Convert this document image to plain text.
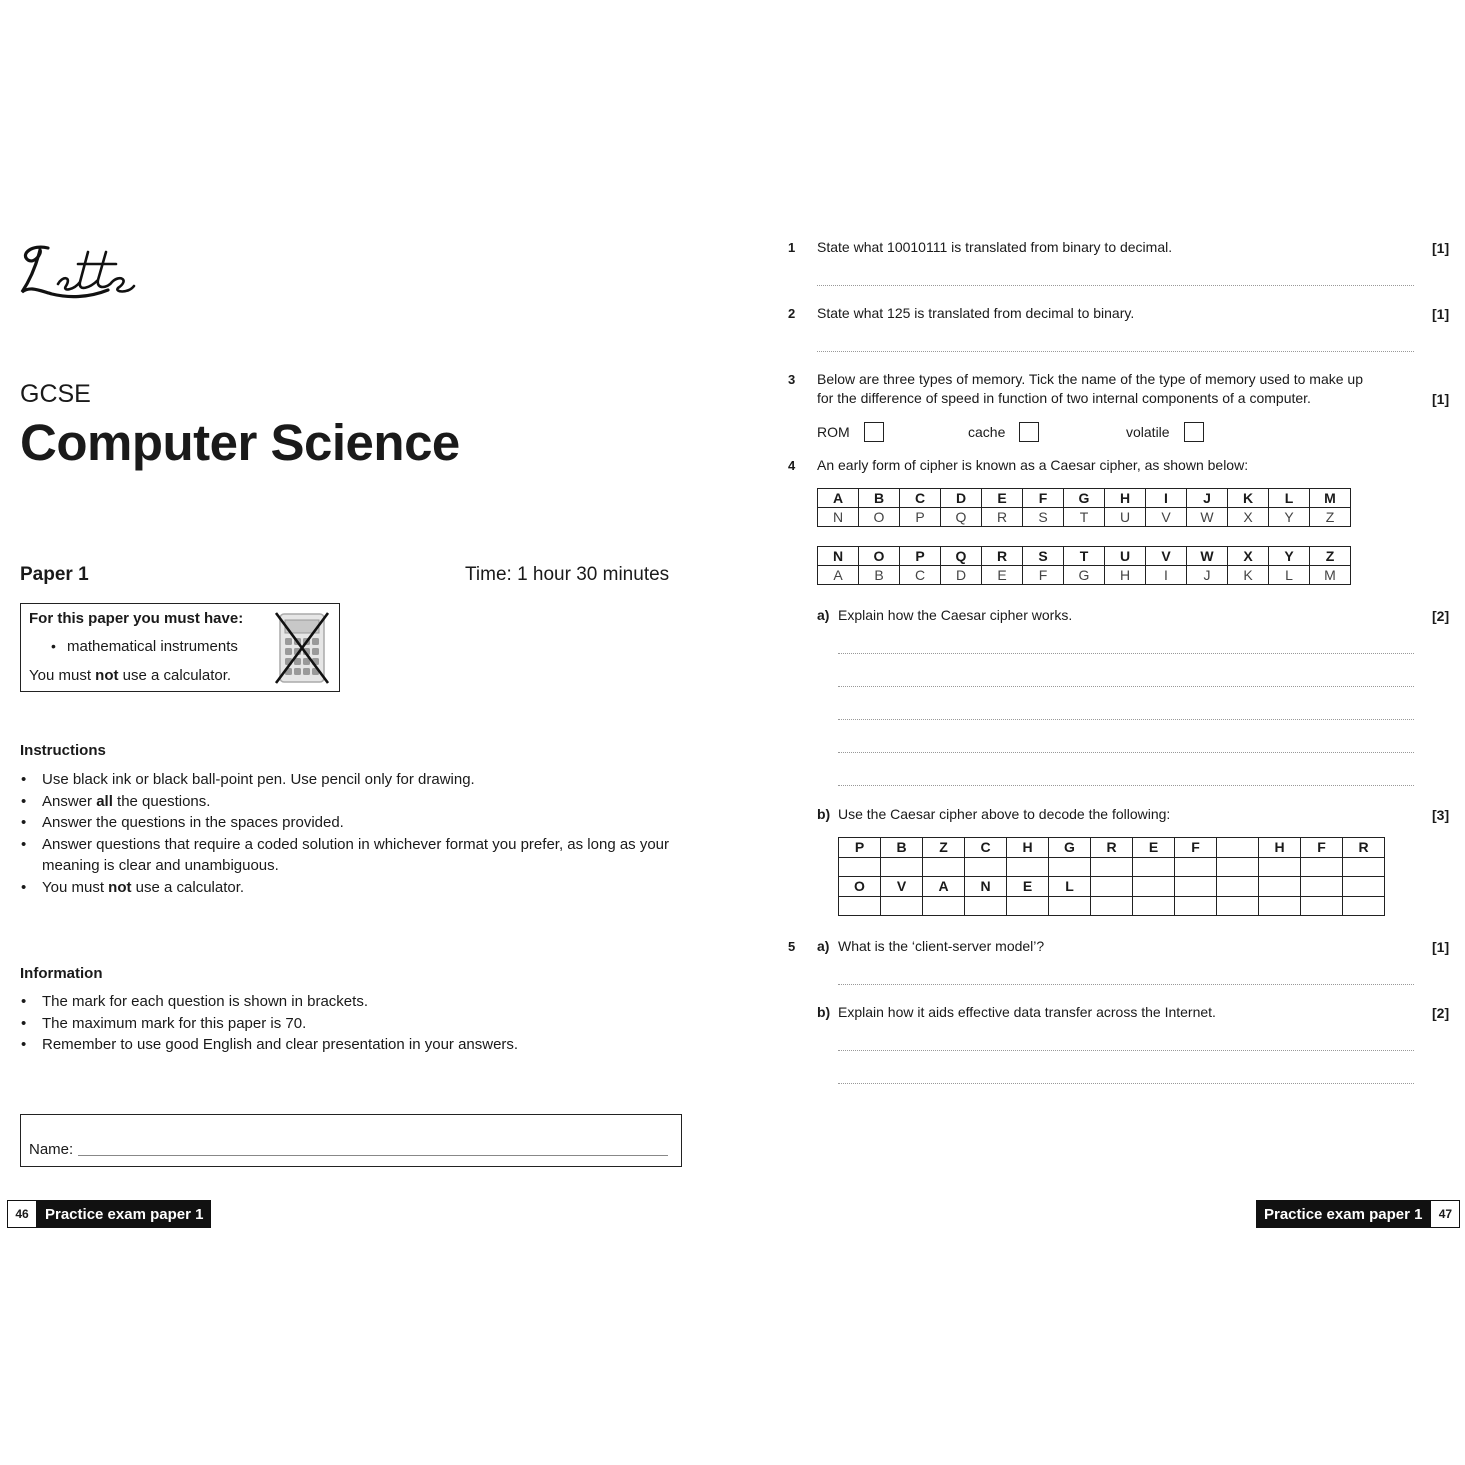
GCSE
Computer Science
Paper 1	Time: 1 hour 30 minutes
For this paper you must have:
• mathematical instruments
You must not use a calculator.
Instructions
• Use black ink or black ball-point pen. Use pencil only for drawing.
• Answer all the questions.
• Answer the questions in the spaces provided.
• Answer questions that require a coded solution in whichever format you prefer, as long as your meaning is clear and unambiguous.
• You must not use a calculator.
Information
• The mark for each question is shown in brackets.
• The maximum mark for this paper is 70.
• Remember to use good English and clear presentation in your answers.
Name:
46	Practice exam paper 1
1 State what 10010111 is translated from binary to decimal.	[1]
2 State what 125 is translated from decimal to binary.	[1]
3 Below are three types of memory. Tick the name of the type of memory used to make up
for the difference of speed in function of two internal components of a computer.	[1]
ROM	cache	volatile
4 An early form of cipher is known as a Caesar cipher, as shown below:
A	B	C	D	E	F	G	H	I	J	K	L	M
N	O	P	Q	R	S	T	U	V	W	X	Y	Z
N	O	P	Q	R	S	T	U	V	W	X	Y	Z
A	B	C	D	E	F	G	H	I	J	K	L	M
a) Explain how the Caesar cipher works.	[2]
b) Use the Caesar cipher above to decode the following:	[3]
P	B	Z	C	H	G	R	E	F		H	F	R

O	V	A	N	E	L							

5 a) What is the ‘client-server model’?	[1]
b) Explain how it aids effective data transfer across the Internet.	[2]
Practice exam paper 1	47
